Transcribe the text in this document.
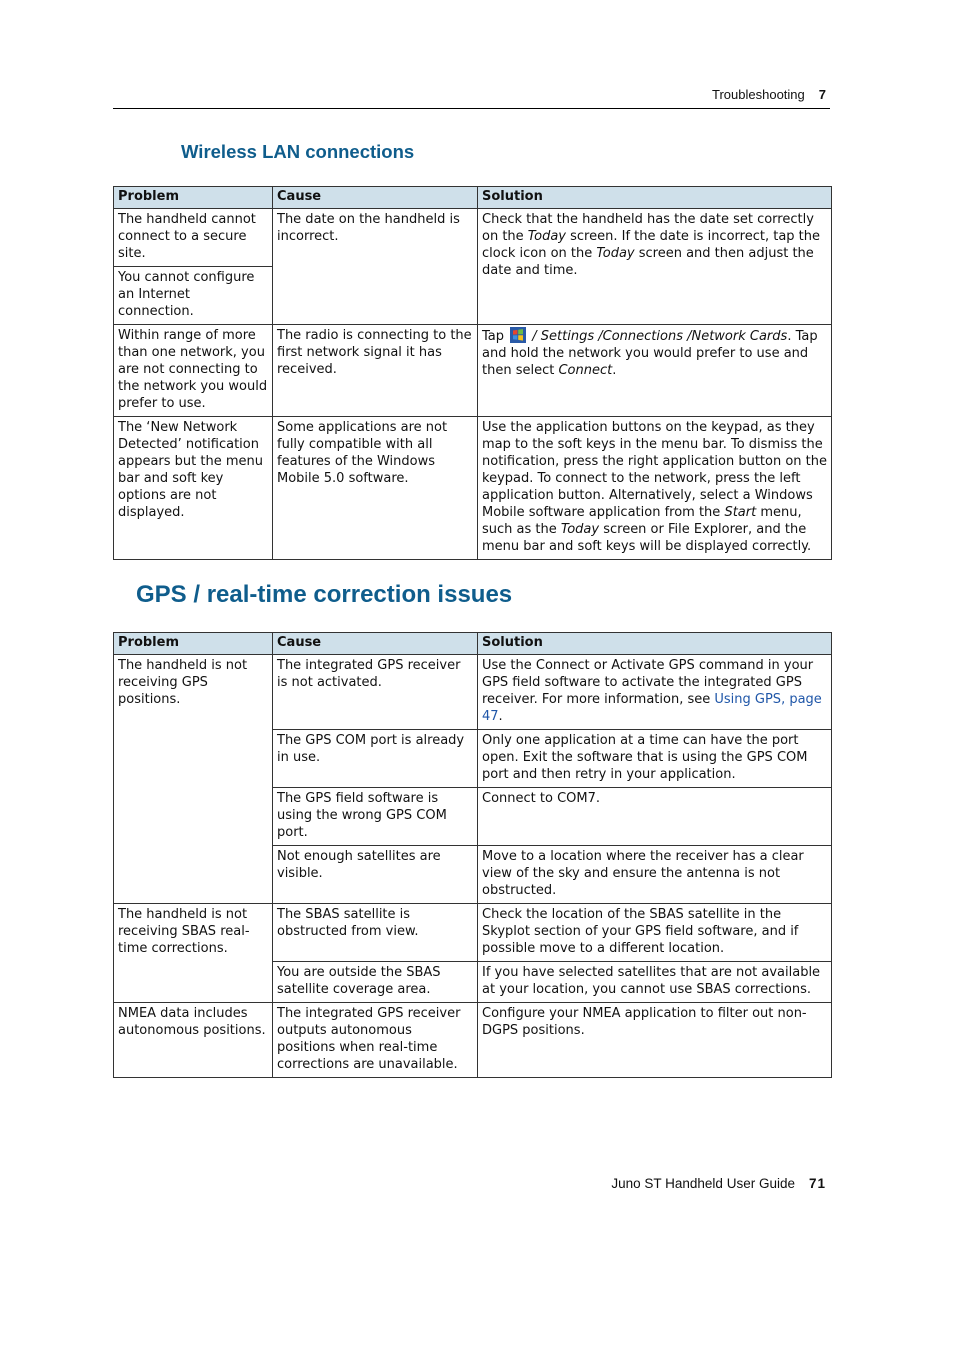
Troubleshooting 7
Wireless LAN connections
Problem	Cause	Solution
The handheld cannot connect to a secure site.	The date on the handheld is incorrect.	Check that the handheld has the date set correctly on the Today screen. If the date is incorrect, tap the clock icon on the Today screen and then adjust the date and time.
You cannot configure an Internet connection.		
Within range of more than one network, you are not connecting to the network you would prefer to use.	The radio is connecting to the first network signal it has received.	Tap  / Settings /Connections /Network Cards. Tap and hold the network you would prefer to use and then select Connect.
The ‘New Network Detected’ notification appears but the menu bar and soft key options are not displayed.	Some applications are not fully compatible with all features of the Windows Mobile 5.0 software.	Use the application buttons on the keypad, as they map to the soft keys in the menu bar. To dismiss the notification, press the right application button on the keypad. To connect to the network, press the left application button. Alternatively, select a Windows Mobile software application from the Start menu, such as the Today screen or File Explorer, and the menu bar and soft keys will be displayed correctly.
GPS / real-time correction issues
Problem	Cause	Solution
The handheld is not receiving GPS positions.	The integrated GPS receiver is not activated.	Use the Connect or Activate GPS command in your GPS field software to activate the integrated GPS receiver. For more information, see Using GPS, page 47.
	The GPS COM port is already in use.	Only one application at a time can have the port open. Exit the software that is using the GPS COM port and then retry in your application.
	The GPS field software is using the wrong GPS COM port.	Connect to COM7.
	Not enough satellites are visible.	Move to a location where the receiver has a clear view of the sky and ensure the antenna is not obstructed.
The handheld is not receiving SBAS real-time corrections.	The SBAS satellite is obstructed from view.	Check the location of the SBAS satellite in the Skyplot section of your GPS field software, and if possible move to a different location.
	You are outside the SBAS satellite coverage area.	If you have selected satellites that are not available at your location, you cannot use SBAS corrections.
NMEA data includes autonomous positions.	The integrated GPS receiver outputs autonomous positions when real-time corrections are unavailable.	Configure your NMEA application to filter out non-DGPS positions.
Juno ST Handheld User Guide 71
